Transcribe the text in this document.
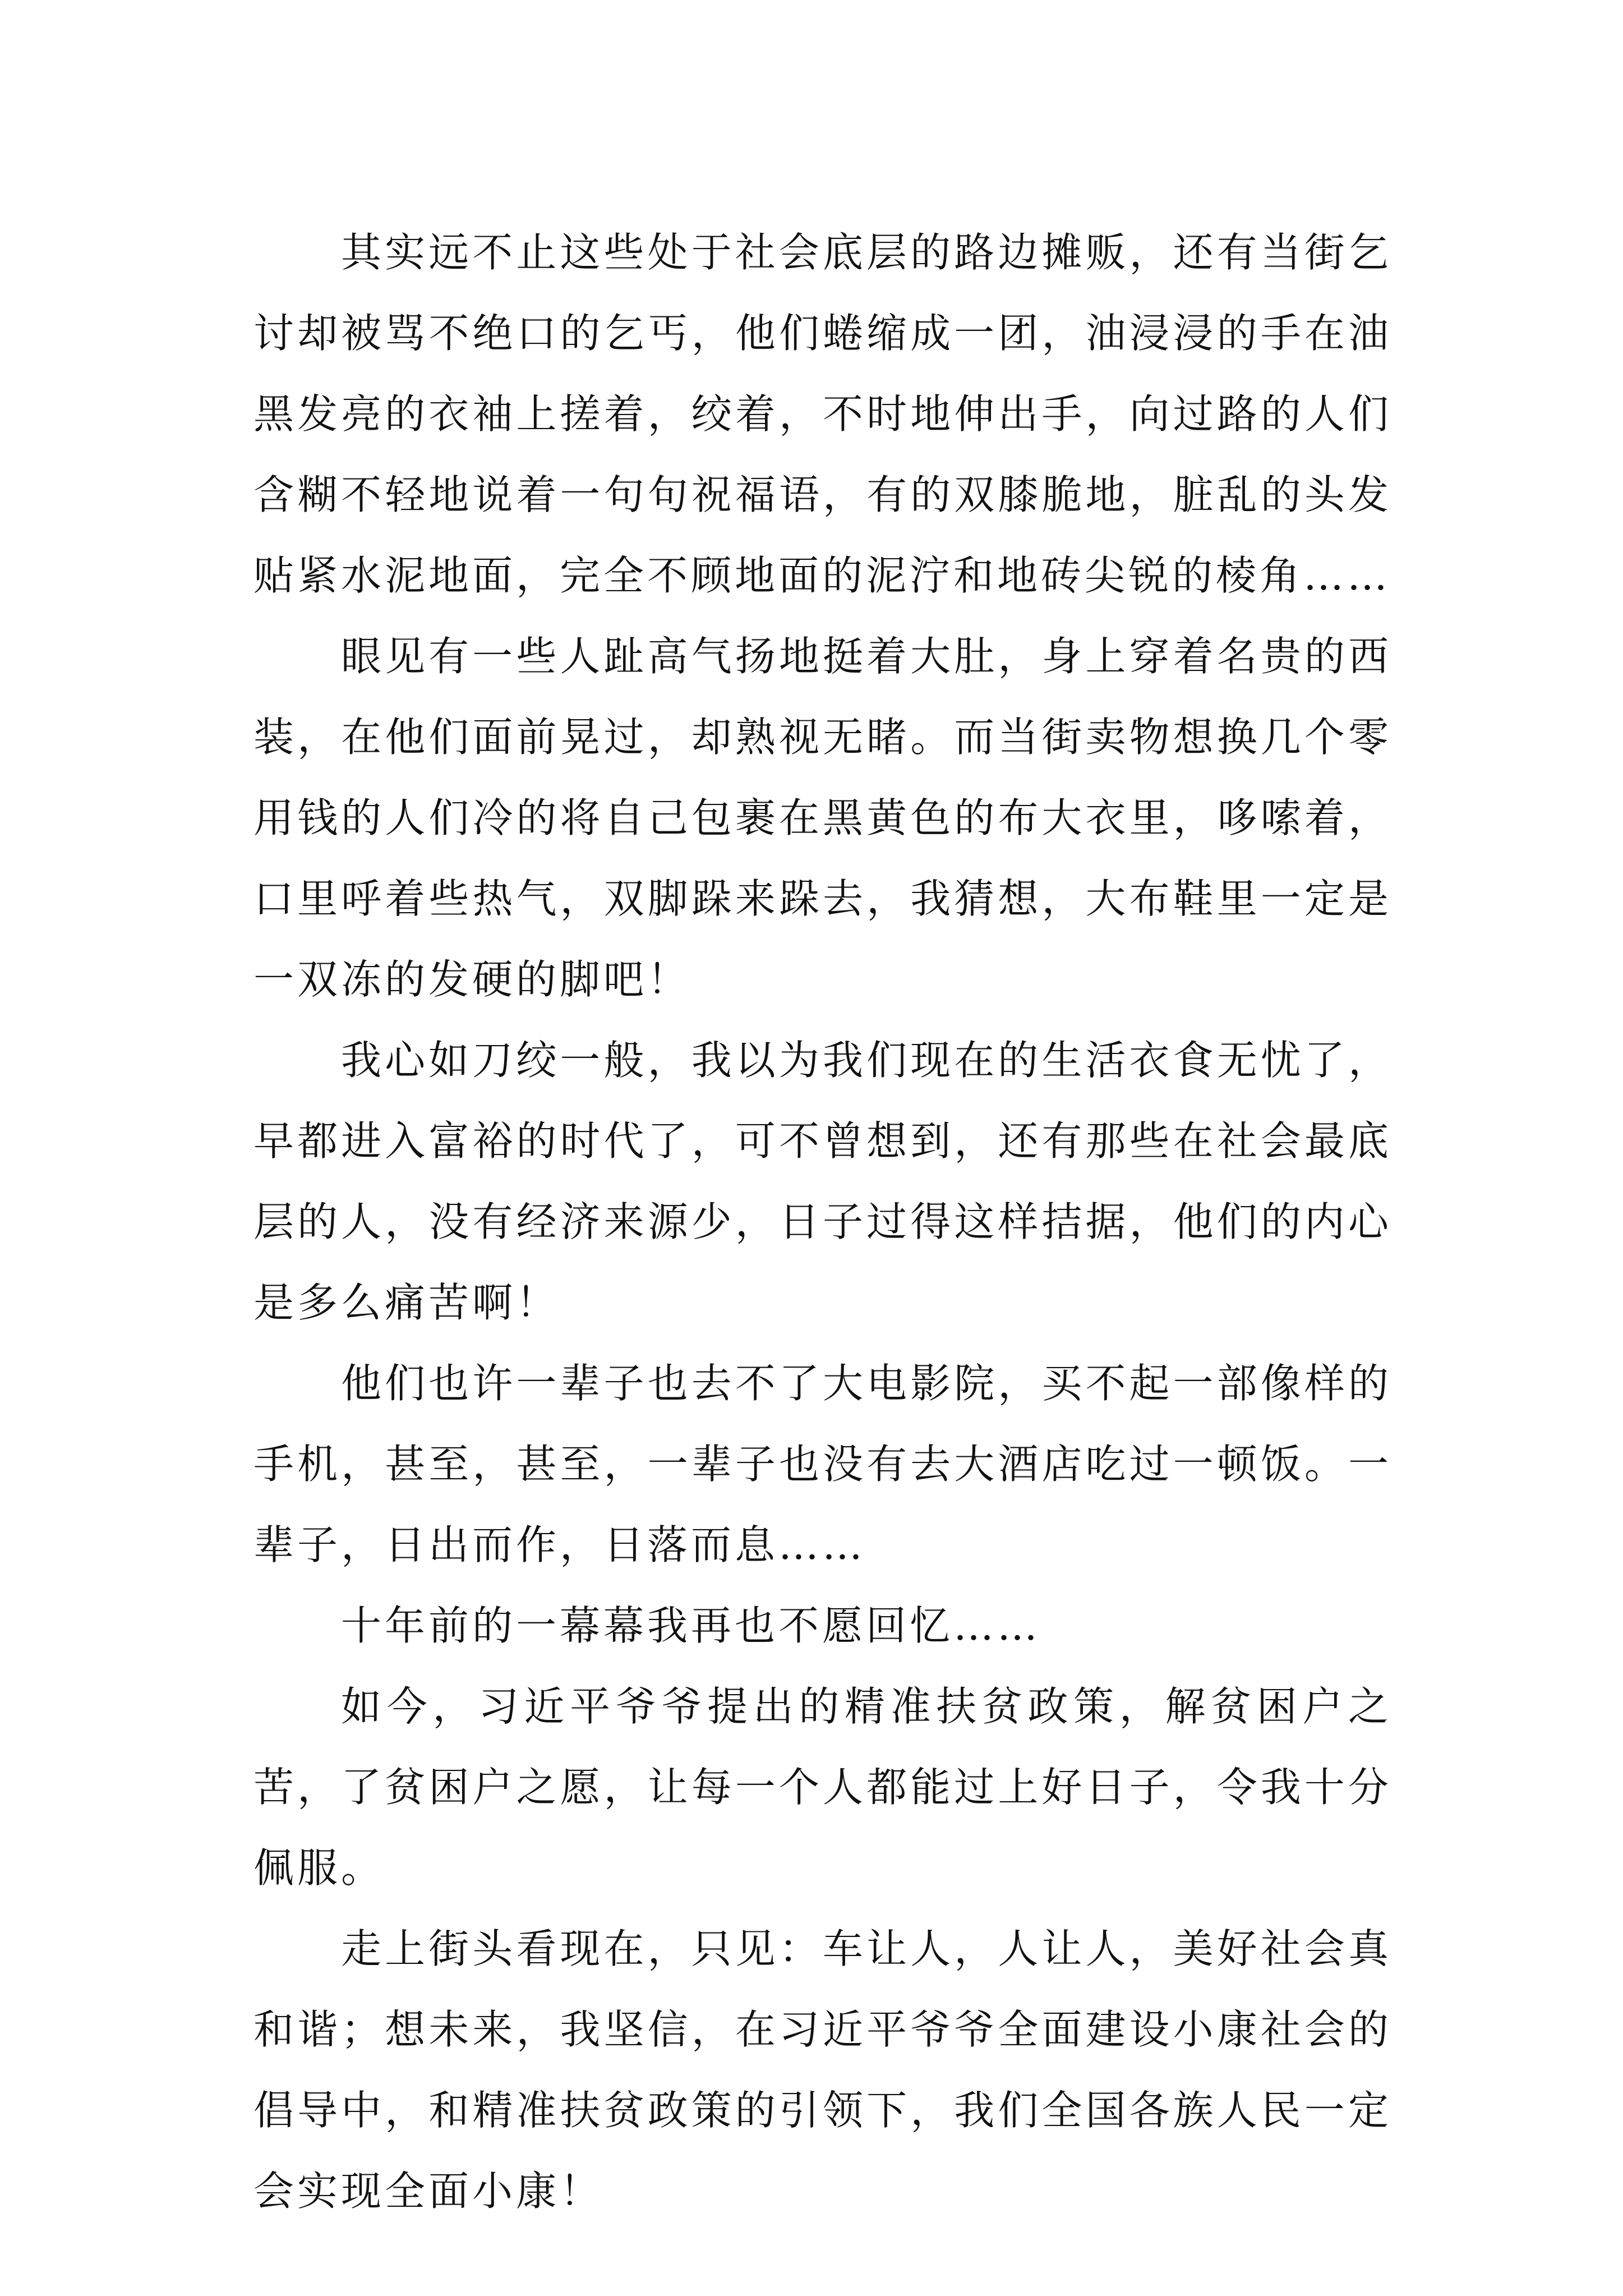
其实远不止这些处于社会底层的路边摊贩，还有当街乞讨却被骂不绝口的乞丐，他们蜷缩成一团，油浸浸的手在油黑发亮的衣袖上搓着，绞着，不时地伸出手，向过路的人们含糊不轻地说着一句句祝福语，有的双膝脆地，脏乱的头发贴紧水泥地面，完全不顾地面的泥泞和地砖尖锐的棱角……

眼见有一些人趾高气扬地挺着大肚，身上穿着名贵的西装，在他们面前晃过，却熟视无睹。而当街卖物想换几个零用钱的人们冷的将自己包裹在黑黄色的布大衣里，哆嗦着，口里呼着些热气，双脚跺来跺去，我猜想，大布鞋里一定是一双冻的发硬的脚吧！

我心如刀绞一般，我以为我们现在的生活衣食无忧了，早都进入富裕的时代了，可不曾想到，还有那些在社会最底层的人，没有经济来源少，日子过得这样拮据，他们的内心是多么痛苦啊！

他们也许一辈子也去不了大电影院，买不起一部像样的手机，甚至，甚至，一辈子也没有去大酒店吃过一顿饭。一辈子，日出而作，日落而息……

十年前的一幕幕我再也不愿回忆……

如今，习近平爷爷提出的精准扶贫政策，解贫困户之苦，了贫困户之愿，让每一个人都能过上好日子，令我十分佩服。

走上街头看现在，只见：车让人，人让人，美好社会真和谐；想未来，我坚信，在习近平爷爷全面建设小康社会的倡导中，和精准扶贫政策的引领下，我们全国各族人民一定会实现全面小康！
